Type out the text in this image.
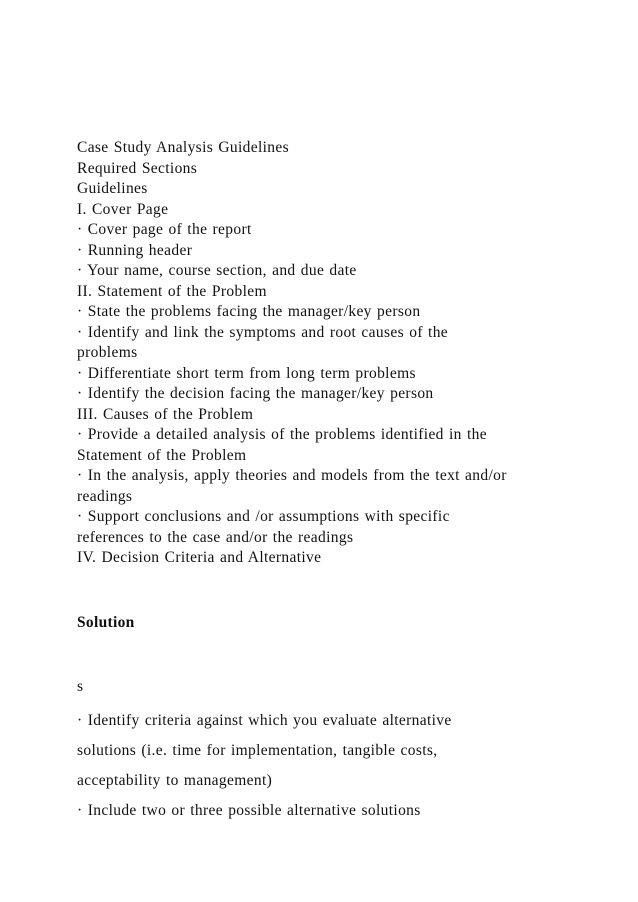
Case Study Analysis Guidelines
Required Sections
Guidelines
I. Cover Page
· Cover page of the report
· Running header
· Your name, course section, and due date
II. Statement of the Problem
· State the problems facing the manager/key person
· Identify and link the symptoms and root causes of the
problems
· Differentiate short term from long term problems
· Identify the decision facing the manager/key person
III. Causes of the Problem
· Provide a detailed analysis of the problems identified in the
Statement of the Problem
· In the analysis, apply theories and models from the text and/or
readings
· Support conclusions and /or assumptions with specific
references to the case and/or the readings
IV. Decision Criteria and Alternative
Solution
s
· Identify criteria against which you evaluate alternative
solutions (i.e. time for implementation, tangible costs,
acceptability to management)
· Include two or three possible alternative solutions
